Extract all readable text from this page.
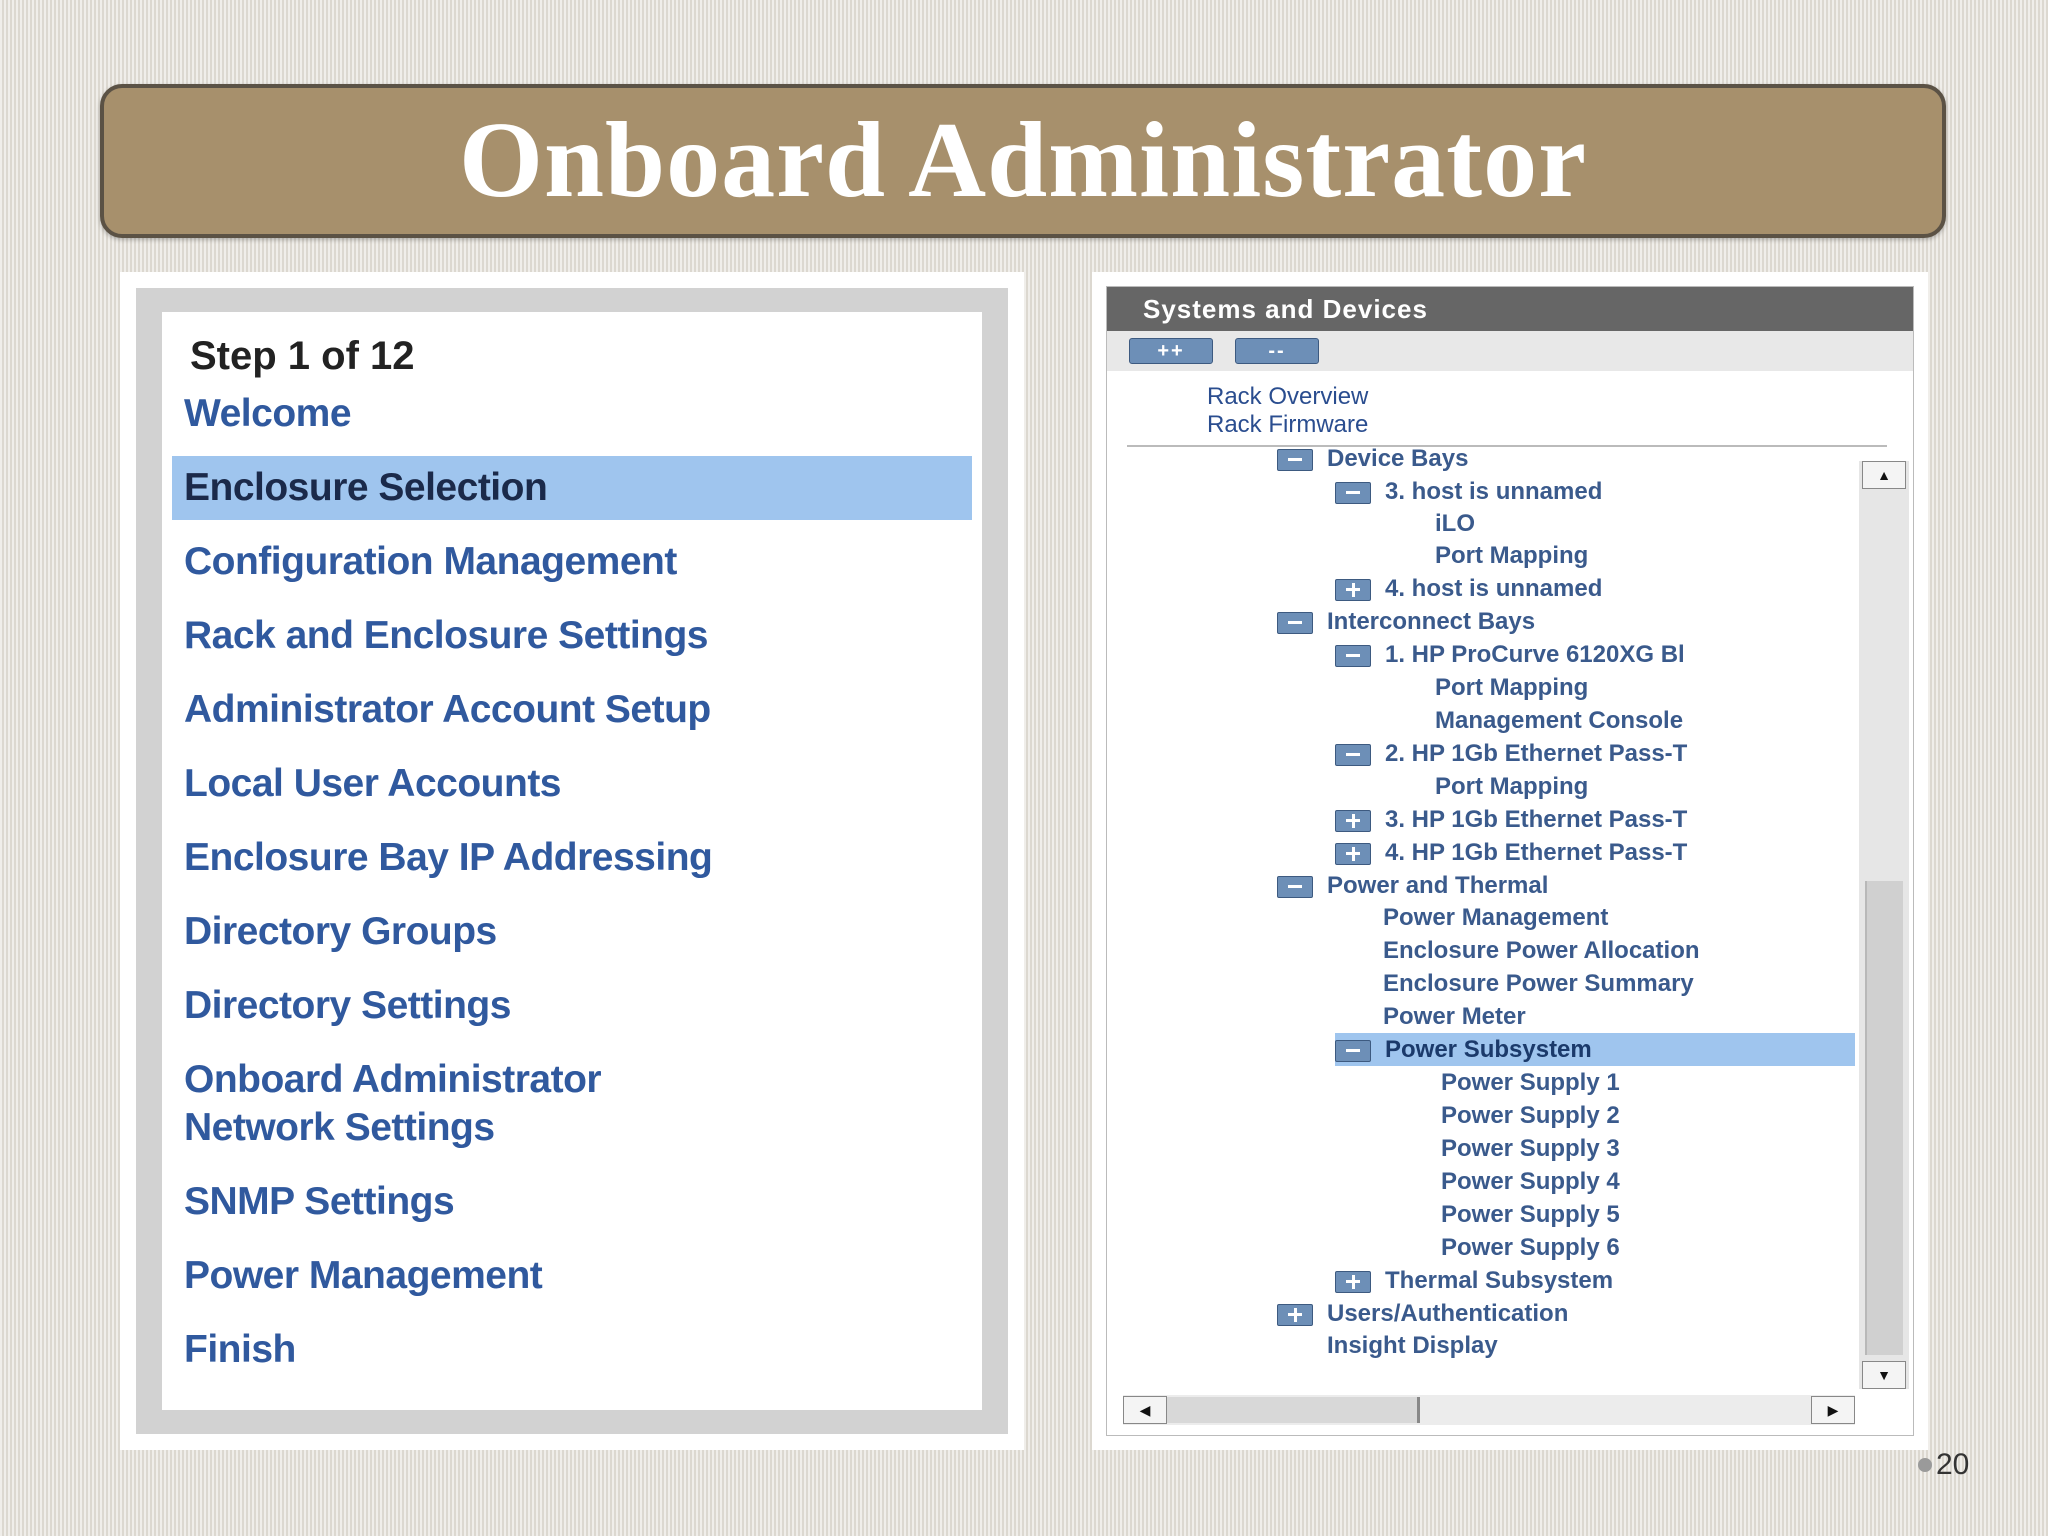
Onboard Administrator
Step 1 of 12
Welcome
Enclosure Selection
Configuration Management
Rack and Enclosure Settings
Administrator Account Setup
Local User Accounts
Enclosure Bay IP Addressing
Directory Groups
Directory Settings
Onboard Administrator
Network Settings
SNMP Settings
Power Management
Finish
Systems and Devices
++	--
Rack Overview
Rack Firmware
Device Bays
3. host is unnamed
iLO
Port Mapping
4. host is unnamed
Interconnect Bays
1. HP ProCurve 6120XG Bl
Port Mapping
Management Console
2. HP 1Gb Ethernet Pass-T
Port Mapping
3. HP 1Gb Ethernet Pass-T
4. HP 1Gb Ethernet Pass-T
Power and Thermal
Power Management
Enclosure Power Allocation
Enclosure Power Summary
Power Meter
Power Subsystem
Power Supply 1
Power Supply 2
Power Supply 3
Power Supply 4
Power Supply 5
Power Supply 6
Thermal Subsystem
Users/Authentication
Insight Display
▲
▼
◀	▶
20
